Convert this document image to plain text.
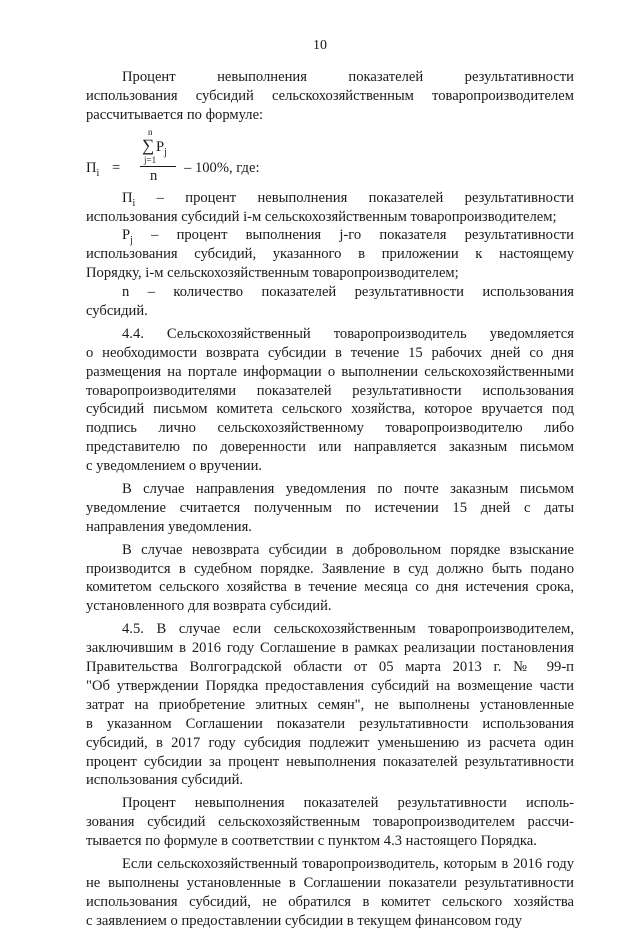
10
Процент невыполнения показателей результативности
использования субсидий сельскохозяйственным товаропроизводителем
рассчитывается по формуле:
n
∑ $P_j$
j=1
$П_i = n - 100\%$, где:
$П_i$ – процент невыполнения показателей результативности
использования субсидий i-м сельскохозяйственным товаропроизводителем;
$P_j$ – процент выполнения j-го показателя результативности
использования субсидий, указанного в приложении к настоящему
Порядку, i-м сельскохозяйственным товаропроизводителем;
n – количество показателей результативности использования
субсидий.
4.4. Сельскохозяйственный товаропроизводитель уведомляется
о необходимости возврата субсидии в течение 15 рабочих дней со дня
размещения на портале информации о выполнении сельскохозяйственными
товаропроизводителями показателей результативности использования
субсидий письмом комитета сельского хозяйства, которое вручается под
подпись лично сельскохозяйственному товаропроизводителю либо
представителю по доверенности или направляется заказным письмом
с уведомлением о вручении.
В случае направления уведомления по почте заказным письмом
уведомление считается полученным по истечении 15 дней с даты
направления уведомления.
В случае невозврата субсидии в добровольном порядке взыскание
производится в судебном порядке. Заявление в суд должно быть подано
комитетом сельского хозяйства в течение месяца со дня истечения срока,
установленного для возврата субсидий.
4.5. В случае если сельскохозяйственным товаропроизводителем,
заключившим в 2016 году Соглашение в рамках реализации постановления
Правительства Волгоградской области от 05 марта 2013 г. № 99-п
"Об утверждении Порядка предоставления субсидий на возмещение части
затрат на приобретение элитных семян", не выполнены установленные
в указанном Соглашении показатели результативности использования
субсидий, в 2017 году субсидия подлежит уменьшению из расчета один
процент субсидии за процент невыполнения показателей результативности
использования субсидий.
Процент невыполнения показателей результативности исполь-
зования субсидий сельскохозяйственным товаропроизводителем рассчи-
тывается по формуле в соответствии с пунктом 4.3 настоящего Порядка.
Если сельскохозяйственный товаропроизводитель, которым в 2016 году
не выполнены установленные в Соглашении показатели результативности
использования субсидий, не обратился в комитет сельского хозяйства
с заявлением о предоставлении субсидии в текущем финансовом году
